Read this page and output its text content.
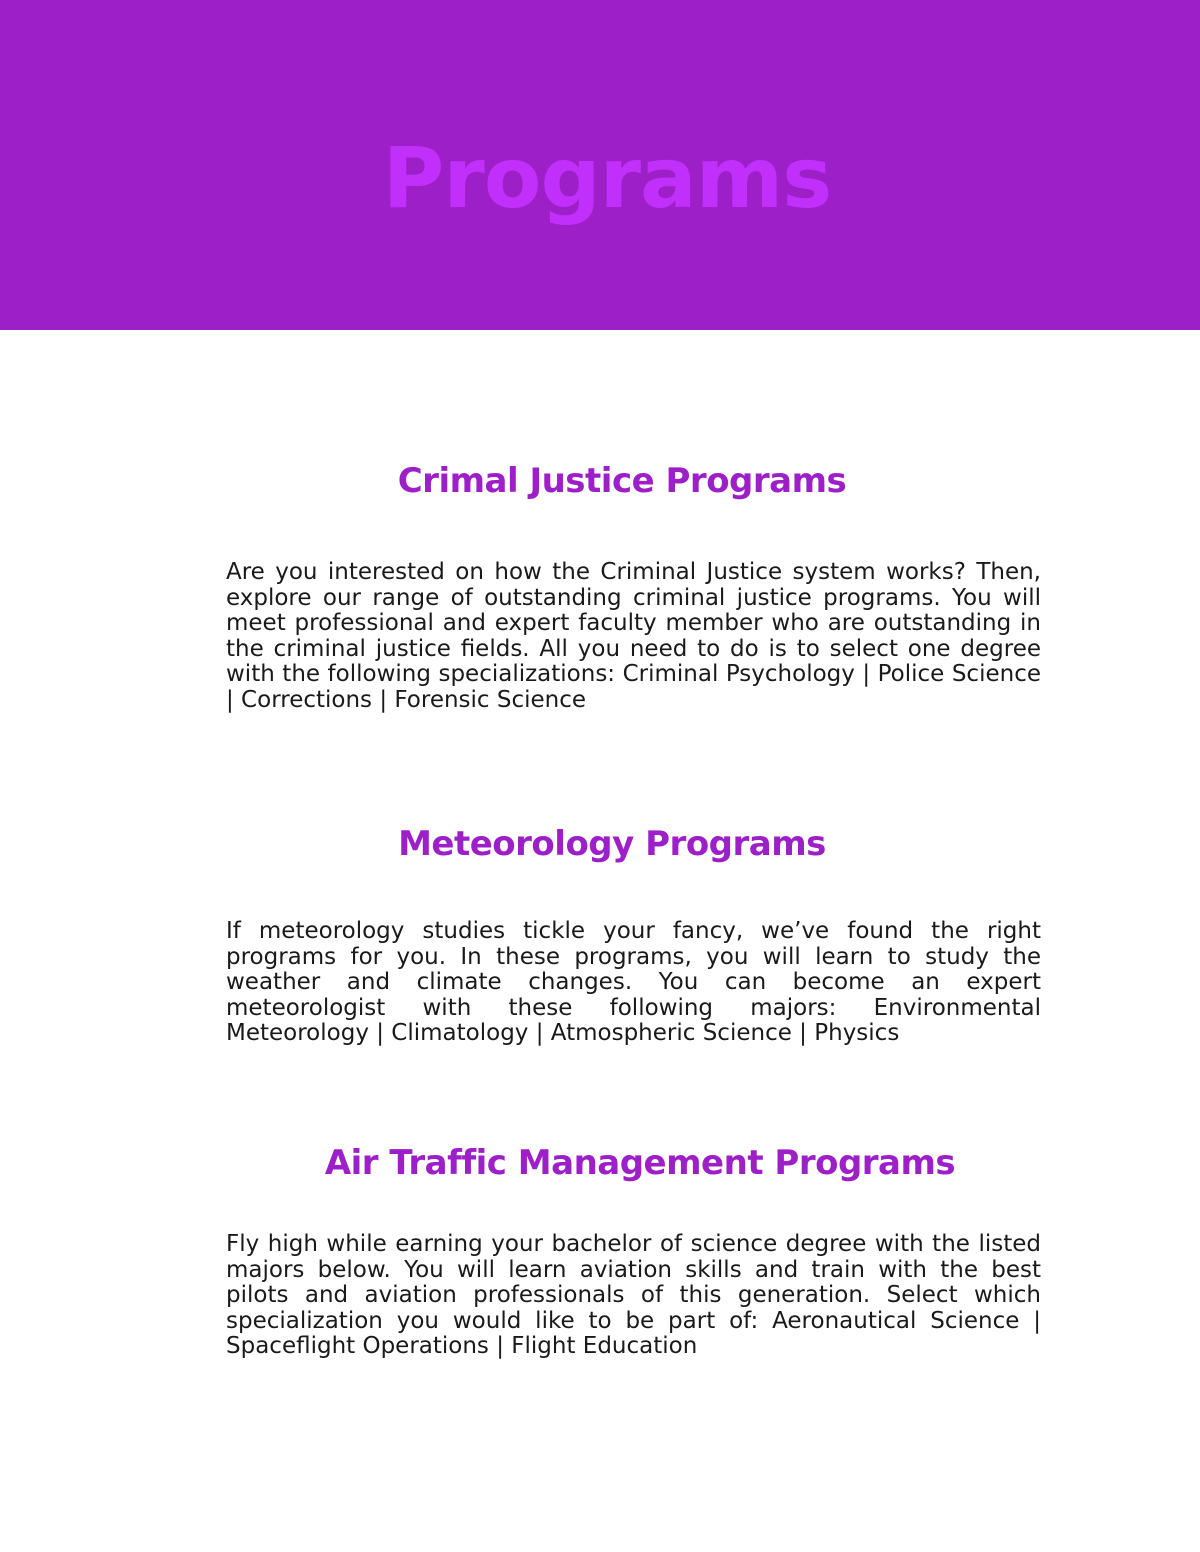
Programs
Crimal Justice Programs

Are you interested on how the Criminal Justice system works? Then, explore our range of outstanding criminal justice programs. You will meet professional and expert faculty member who are outstanding in the criminal justice fields. All you need to do is to select one degree with the following specializations: Criminal Psychology | Police Science | Corrections | Forensic Science

Meteorology Programs

If meteorology studies tickle your fancy, we’ve found the right programs for you. In these programs, you will learn to study the weather and climate changes. You can become an expert meteorologist with these following majors: Environmental Meteorology | Climatology | Atmospheric Science | Physics

Air Traffic Management Programs

Fly high while earning your bachelor of science degree with the listed majors below. You will learn aviation skills and train with the best pilots and aviation professionals of this generation. Select which specialization you would like to be part of: Aeronautical Science | Spaceflight Operations | Flight Education
